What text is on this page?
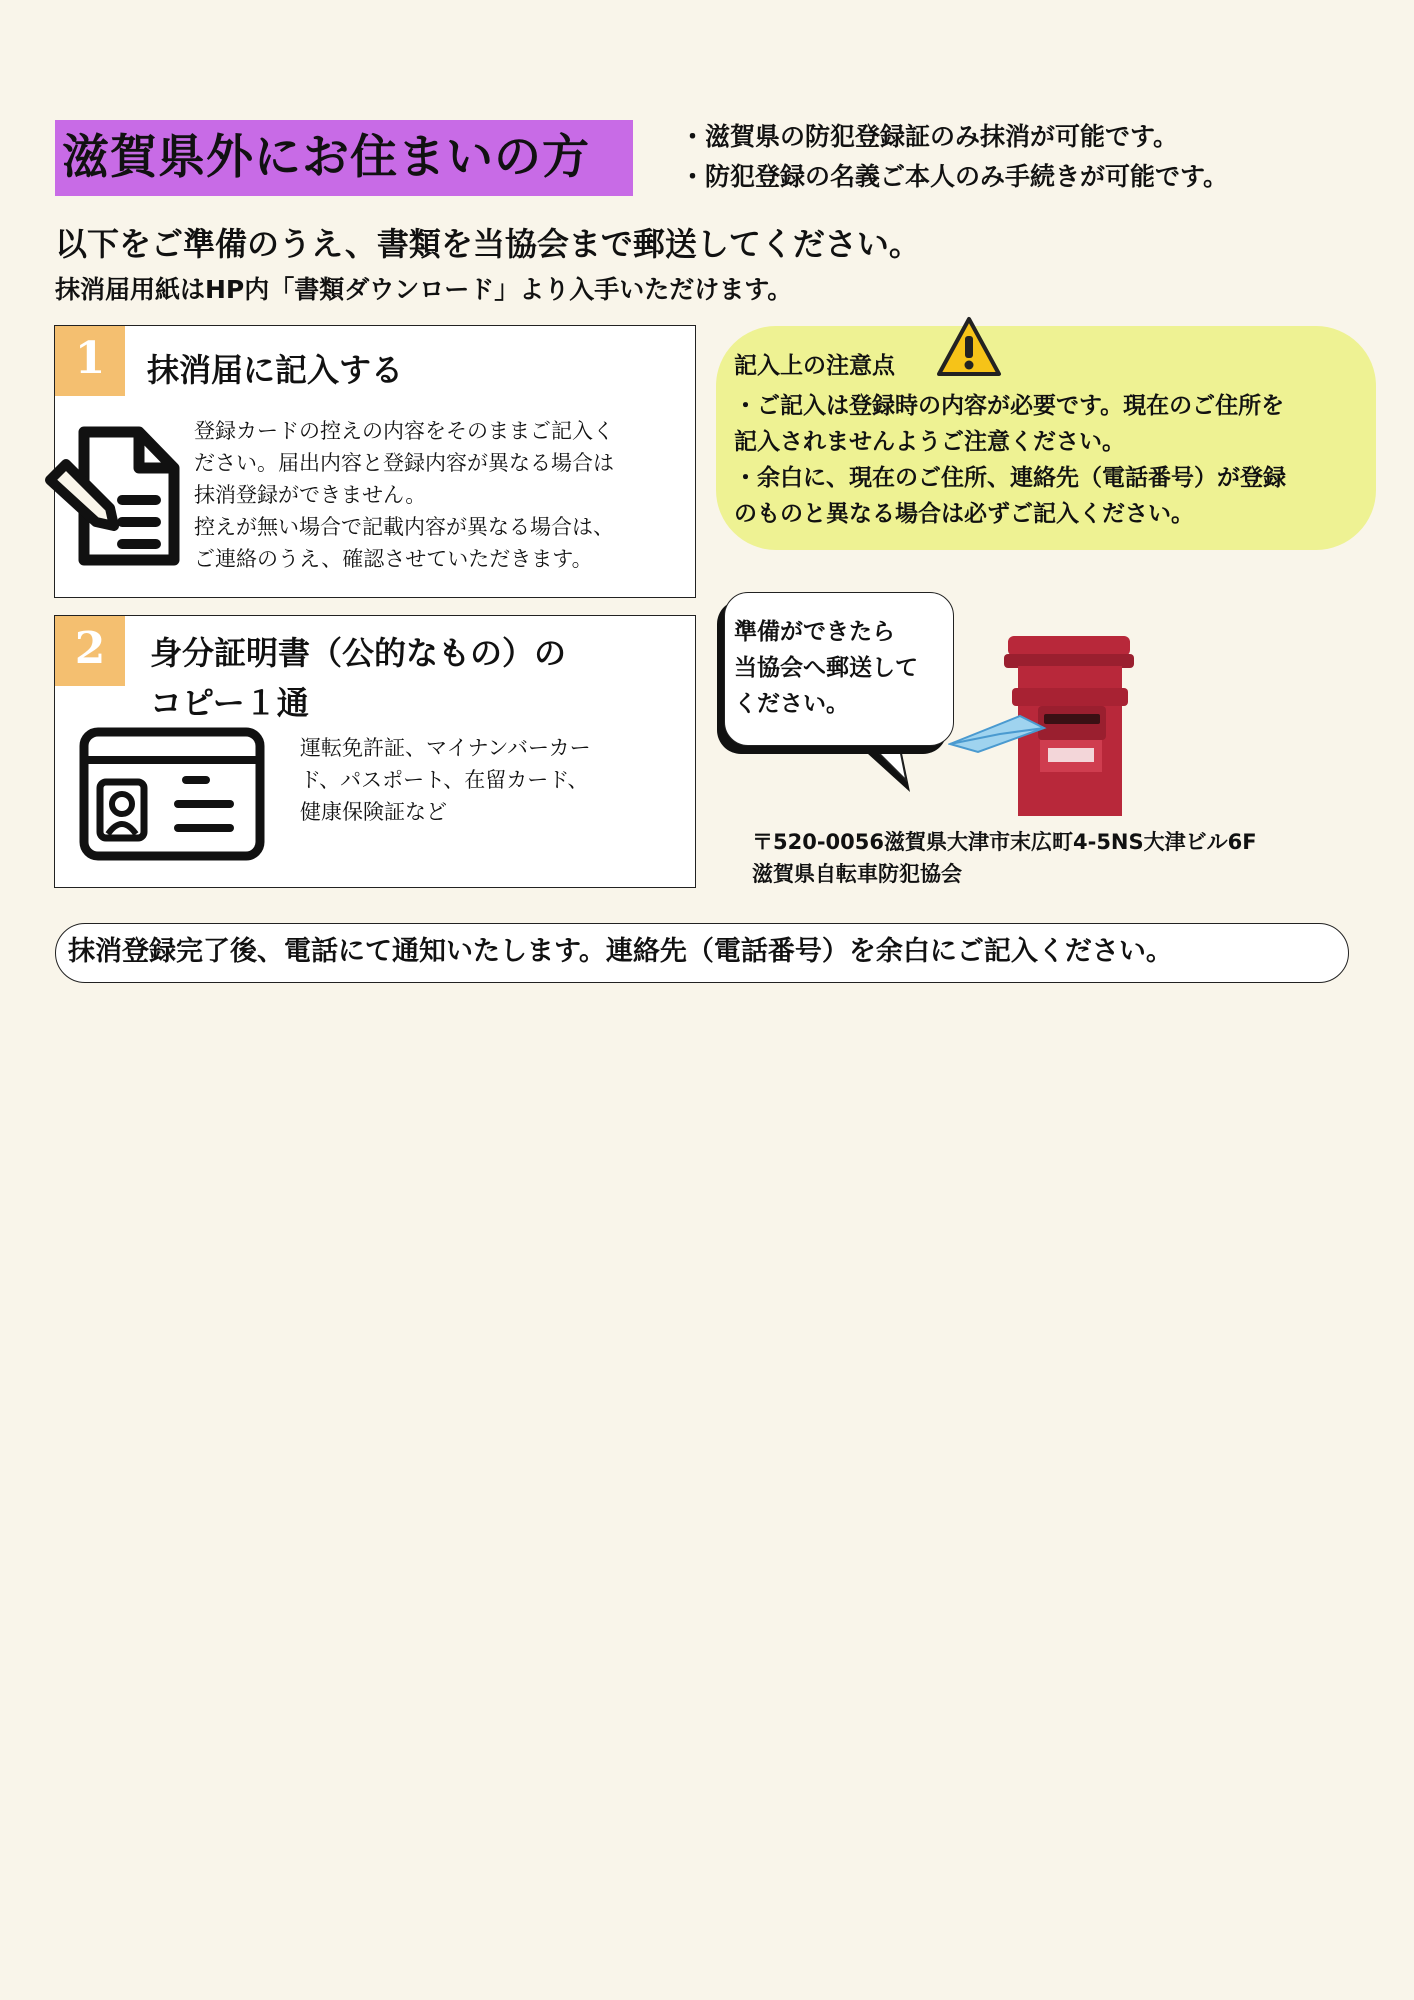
滋賀県外にお住まいの方	・滋賀県の防犯登録証のみ抹消が可能です。
・防犯登録の名義ご本人のみ手続きが可能です。
以下をご準備のうえ、書類を当協会まで郵送してください。
抹消届用紙はHP内「書類ダウンロード」より入手いただけます。
1	抹消届に記入する
登録カードの控えの内容をそのままご記入く
ださい。届出内容と登録内容が異なる場合は
抹消登録ができません。
控えが無い場合で記載内容が異なる場合は、
ご連絡のうえ、確認させていただきます。
2	身分証明書（公的なもの）の
コピー１通
運転免許証、マイナンバーカー
ド、パスポート、在留カード、
健康保険証など
記入上の注意点
・ご記入は登録時の内容が必要です。現在のご住所を
記入されませんようご注意ください。
・余白に、現在のご住所、連絡先（電話番号）が登録
のものと異なる場合は必ずご記入ください。
準備ができたら
当協会へ郵送して
ください。
〒520-0056滋賀県大津市末広町4-5NS大津ビル6F
滋賀県自転車防犯協会
抹消登録完了後、電話にて通知いたします。連絡先（電話番号）を余白にご記入ください。
